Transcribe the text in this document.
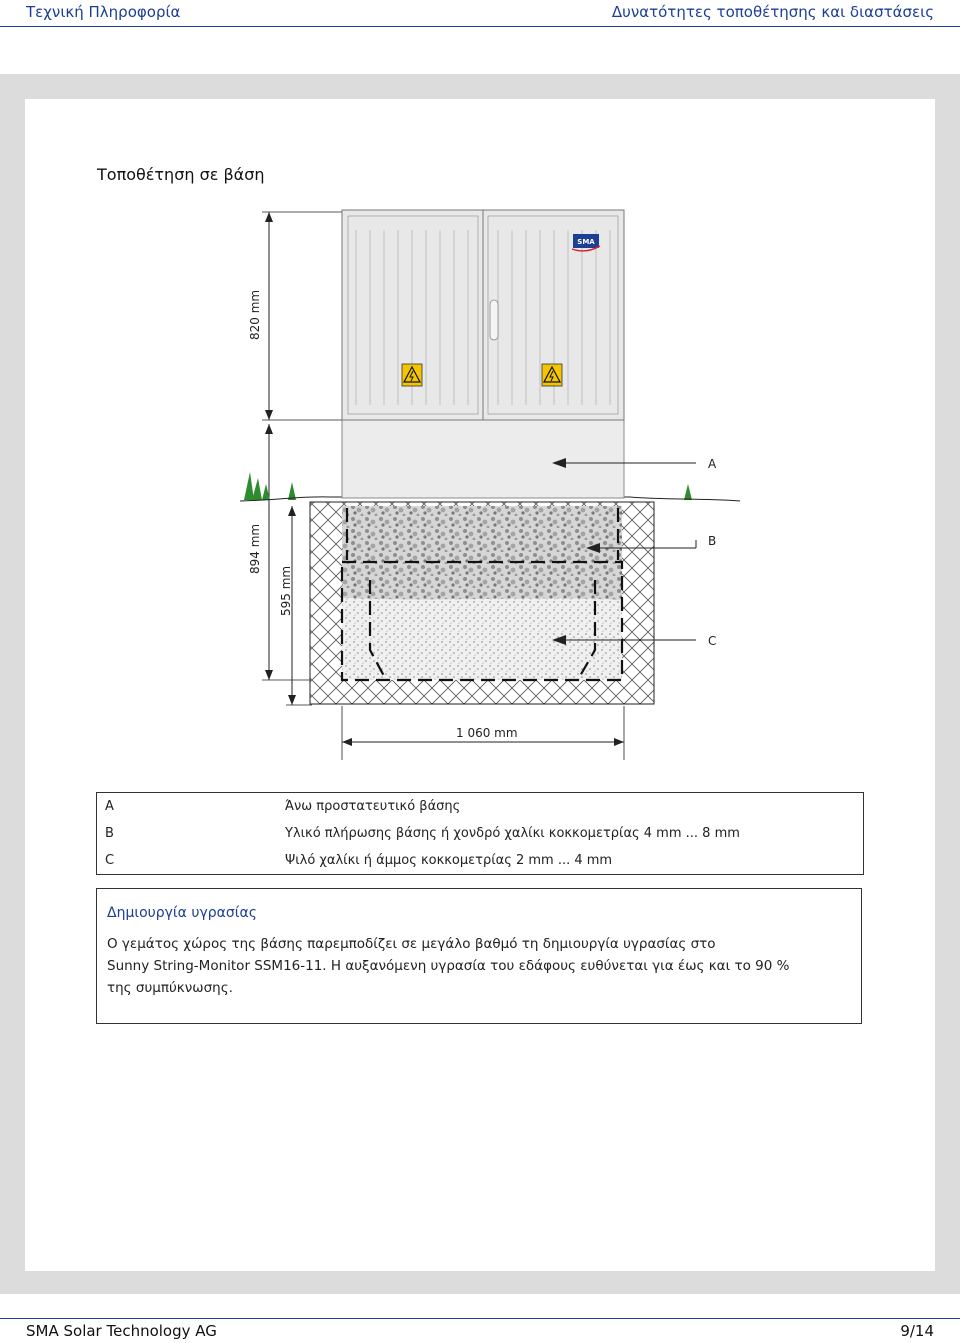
Τεχνική Πληροφορία	Δυνατότητες τοποθέτησης και διαστάσεις
Τοποθέτηση σε βάση
820 mm
894 mm
595 mm
SMA
A
B
C
1 060 mm
A	Άνω προστατευτικό βάσης
B	Υλικό πλήρωσης βάσης ή χονδρό χαλίκι κοκκομετρίας 4 mm ... 8 mm
C	Ψιλό χαλίκι ή άμμος κοκκομετρίας 2 mm ... 4 mm
Δημιουργία υγρασίας
Ο γεμάτος χώρος της βάσης παρεμποδίζει σε μεγάλο βαθμό τη δημιουργία υγρασίας στο
Sunny String-Monitor SSM16-11. Η αυξανόμενη υγρασία του εδάφους ευθύνεται για έως και το 90 %
της συμπύκνωσης.
SMA Solar Technology AG	9/14
